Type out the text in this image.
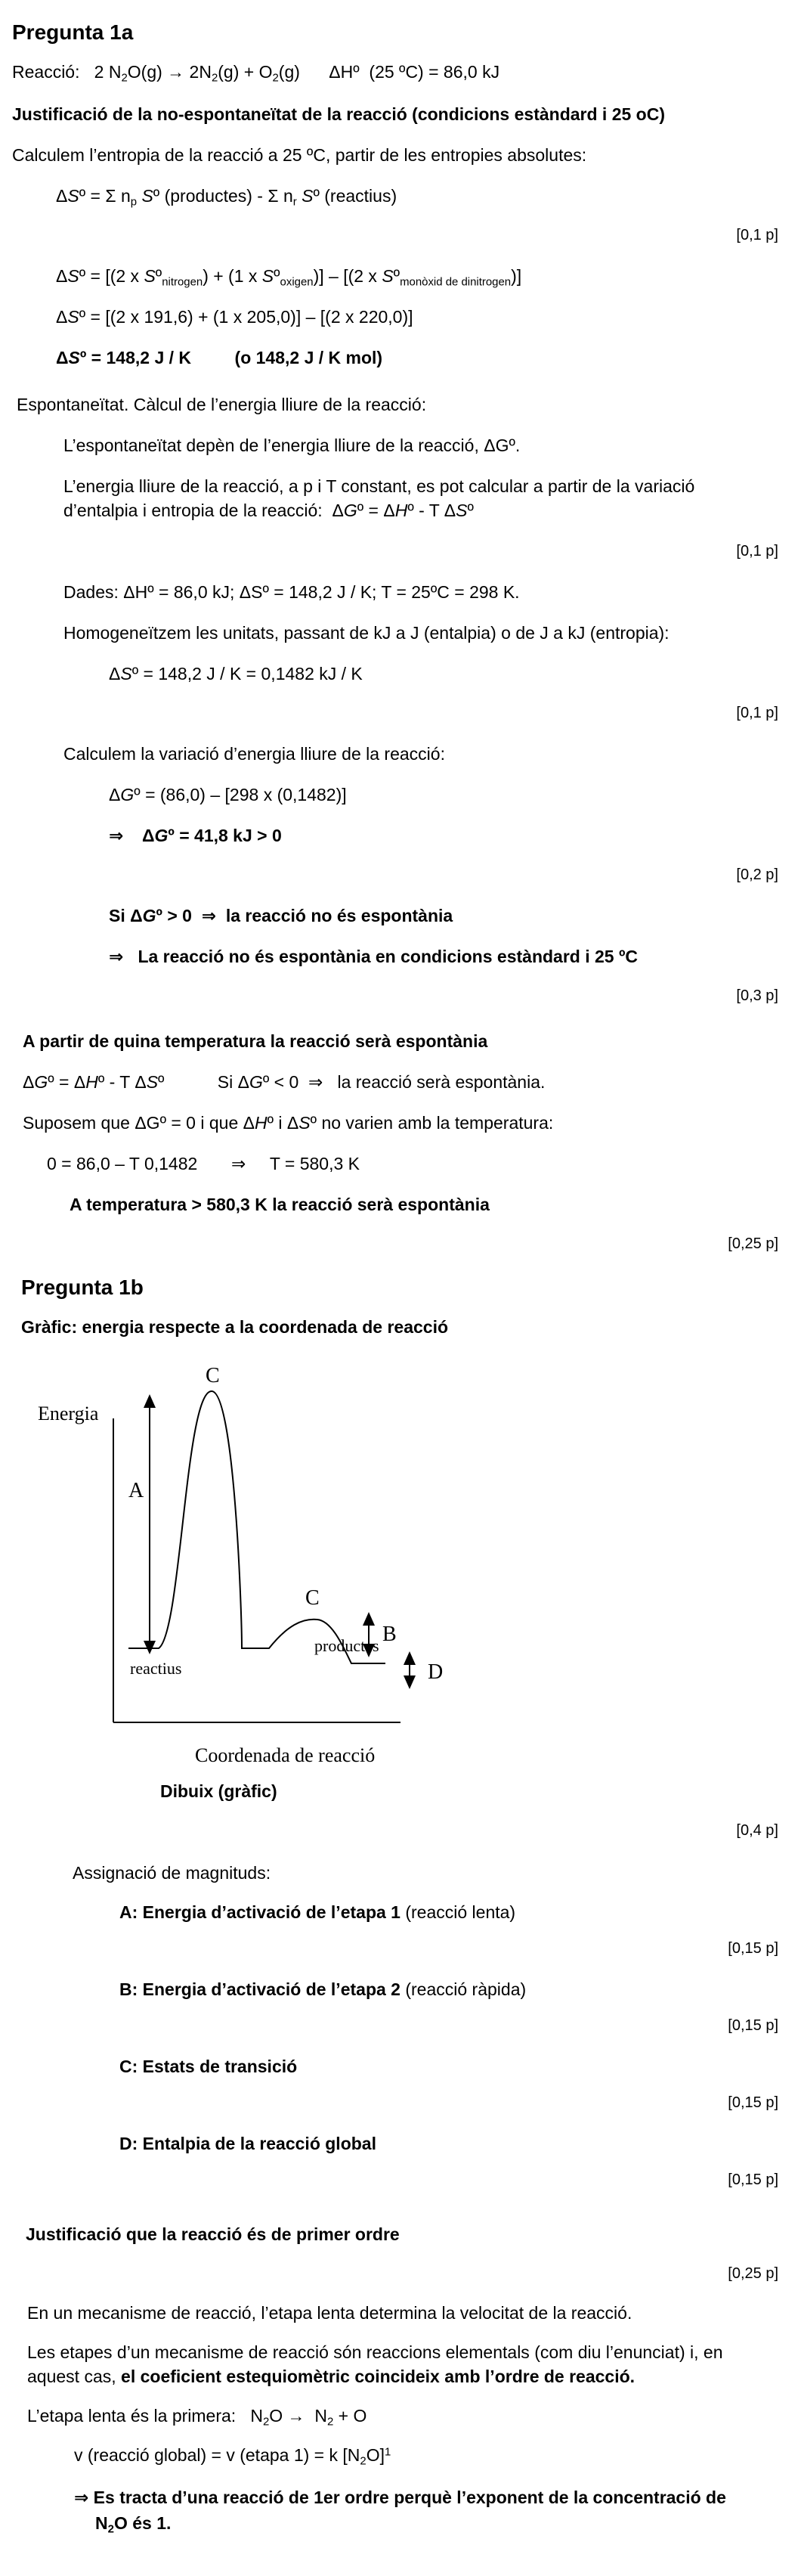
Pregunta 1a
Reacció:   2 $N_2O(g) \to 2N_2(g) + O_2(g)$      ΔHº  (25 ºC) = 86,0 kJ
Justificació de la no-espontaneïtat de la reacció (condicions estàndard i 25 oC)
Calculem l’entropia de la reacció a 25 ºC, partir de les entropies absolutes:
ΔSº = Σ $n_p$ Sº (productes) - Σ $n_r$ Sº (reactius)
[0,1 p]
ΔSº = [(2 x Sº$_{nitrogen}$) + (1 x Sº$_{oxigen}$)] – [(2 x Sº$_{monòxid de dinitrogen}$)]
ΔSº = [(2 x 191,6) + (1 x 205,0)] – [(2 x 220,0)]
ΔSº = 148,2 J / K	(o 148,2 J / K mol)
Espontaneïtat. Càlcul de l’energia lliure de la reacció:
L’espontaneïtat depèn de l’energia lliure de la reacció, ΔGº.
L’energia lliure de la reacció, a p i T constant, es pot calcular a partir de la variació
d’entalpia i entropia de la reacció:  ΔGº = ΔHº - T ΔSº
[0,1 p]
Dades: ΔHº = 86,0 kJ; ΔSº = 148,2 J / K; T = 25ºC = 298 K.
Homogeneïtzem les unitats, passant de kJ a J (entalpia) o de J a kJ (entropia):
ΔSº = 148,2 J / K = 0,1482 kJ / K
[0,1 p]
Calculem la variació d’energia lliure de la reacció:
ΔGº = (86,0) – [298 x (0,1482)]
⇒    ΔGº = 41,8 kJ > 0
[0,2 p]
Si ΔGº > 0  ⇒  la reacció no és espontània
⇒   La reacció no és espontània en condicions estàndard i 25 ºC
[0,3 p]
A partir de quina temperatura la reacció serà espontània
ΔGº = ΔHº - T ΔSº           Si ΔGº < 0  ⇒   la reacció serà espontània.
Suposem que ΔGº = 0 i que ΔHº i ΔSº no varien amb la temperatura:
0 = 86,0 – T 0,1482       ⇒     T = 580,3 K
A temperatura > 580,3 K la reacció serà espontània
[0,25 p]
Pregunta 1b
Gràfic: energia respecte a la coordenada de reacció
Energia
A
C
C
B
D
reactius
productes
Coordenada de reacció
Dibuix (gràfic)
[0,4 p]
Assignació de magnituds:
A: Energia d’activació de l’etapa 1 (reacció lenta)
[0,15 p]
B: Energia d’activació de l’etapa 2 (reacció ràpida)
[0,15 p]
C: Estats de transició
[0,15 p]
D: Entalpia de la reacció global
[0,15 p]
Justificació que la reacció és de primer ordre
[0,25 p]
En un mecanisme de reacció, l’etapa lenta determina la velocitat de la reacció.
Les etapes d’un mecanisme de reacció són reaccions elementals (com diu l’enunciat) i, en
aquest cas, el coeficient estequiomètric coincideix amb l’ordre de reacció.
L’etapa lenta és la primera:   $N_2O \to N_2 + O$
v (reacció global) = v (etapa 1) = k $[N_2O]^1$
⇒ Es tracta d’una reacció de 1er ordre perquè l’exponent de la concentració de
$N_2O$ és 1.
